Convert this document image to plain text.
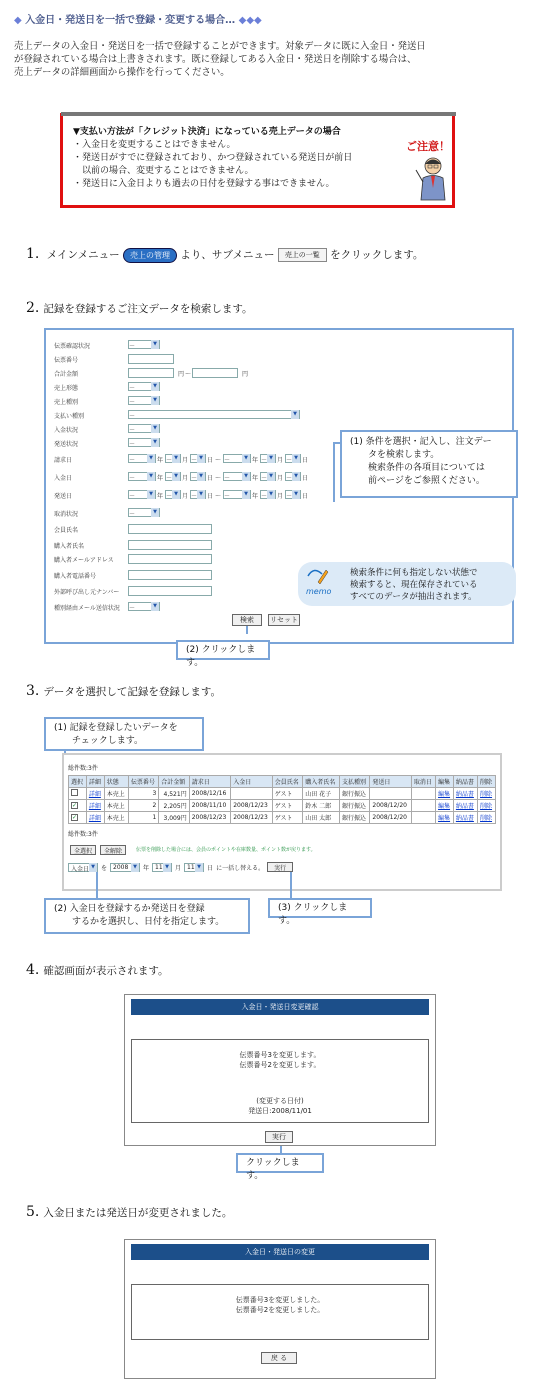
◆ 入金日・発送日を一括で登録・変更する場合… ◆◆◆
売上データの入金日・発送日を一括で登録することができます。対象データに既に入金日・発送日
が登録されている場合は上書きされます。既に登録してある入金日・発送日を削除する場合は、
売上データの詳細画面から操作を行ってください。
▼支払い方法が「クレジット決済」になっている売上データの場合
・入金日を変更することはできません。
・発送日がすでに登録されており、かつ登録されている発送日が前日
　以前の場合、変更することはできません。
・発送日に入金日よりも過去の日付を登録する事はできません。
ご注意！
1. メインメニュー 売上の管理 より、サブメニュー 売上の一覧 をクリックします。
2. 記録を登録するご注文データを検索します。
伝票確認状況	－ ▼
伝票番号
合計金額	円 ～	円
売上形態	－ ▼
売上種別	－ ▼
支払い種別	－ ▼
入金状況	－ ▼
発送状況	－ ▼
請求日	－ ▼	年 － ▼	月 － ▼	日 ～ － ▼	年 － ▼	月 － ▼	日
入金日	－ ▼	年 － ▼	月 － ▼	日 ～ － ▼	年 － ▼	月 － ▼	日
発送日	－ ▼	年 － ▼	月 － ▼	日 ～ － ▼	年 － ▼	月 － ▼	日
取消状況	－ ▼
会員氏名
購入者氏名
購入者メールアドレス
購入者電話番号
外部呼び出し元ナンバー
種別経由メール送信状況 － ▼
(1) 条件を選択・記入し、注文デー
　　タを検索します。
　　検索条件の各項目については
　　前ページをご参照ください。
memo
検索条件に何も指定しない状態で
検索すると、現在保存されている
すべてのデータが抽出されます。
検索	リセット
(2) クリックします。
3. データを選択して記録を登録します。
(1) 記録を登録したいデータを
　　チェックします。
総件数:3件
選択	詳細	状態	伝票番号	合計金額	請求日	入金日	会員氏名	購入者氏名	支払種別	発送日	取消日	編集	納品書	削除
	詳細	本売上	3	4,521円	2008/12/16		ゲスト	山田 花子	銀行振込			編集	納品書	削除
✓	詳細	本売上	2	2,205円	2008/11/10	2008/12/23	ゲスト	鈴木 二郎	銀行振込	2008/12/20		編集	納品書	削除
✓	詳細	本売上	1	3,009円	2008/12/23	2008/12/23	ゲスト	山田 太郎	銀行振込	2008/12/20		編集	納品書	削除
総件数:3件
全選択	全解除	伝票を削除した場合には、会員のポイントや在庫数量、ポイント数が戻ります。
入金日 ▼	を	2008 ▼	年	11 ▼	月	11 ▼	日 に一括し替える。	実行
(2) 入金日を登録するか発送日を登録
　　するかを選択し、日付を指定します。
(3) クリックします。
4. 確認画面が表示されます。
入金日・発送日変更確認
伝票番号3を変更します。
伝票番号2を変更します。
(変更する日付)
発送日:2008/11/01
実行
クリックします。
5. 入金日または発送日が変更されました。
入金日・発送日の変更
伝票番号3を変更しました。
伝票番号2を変更しました。
戻 る
